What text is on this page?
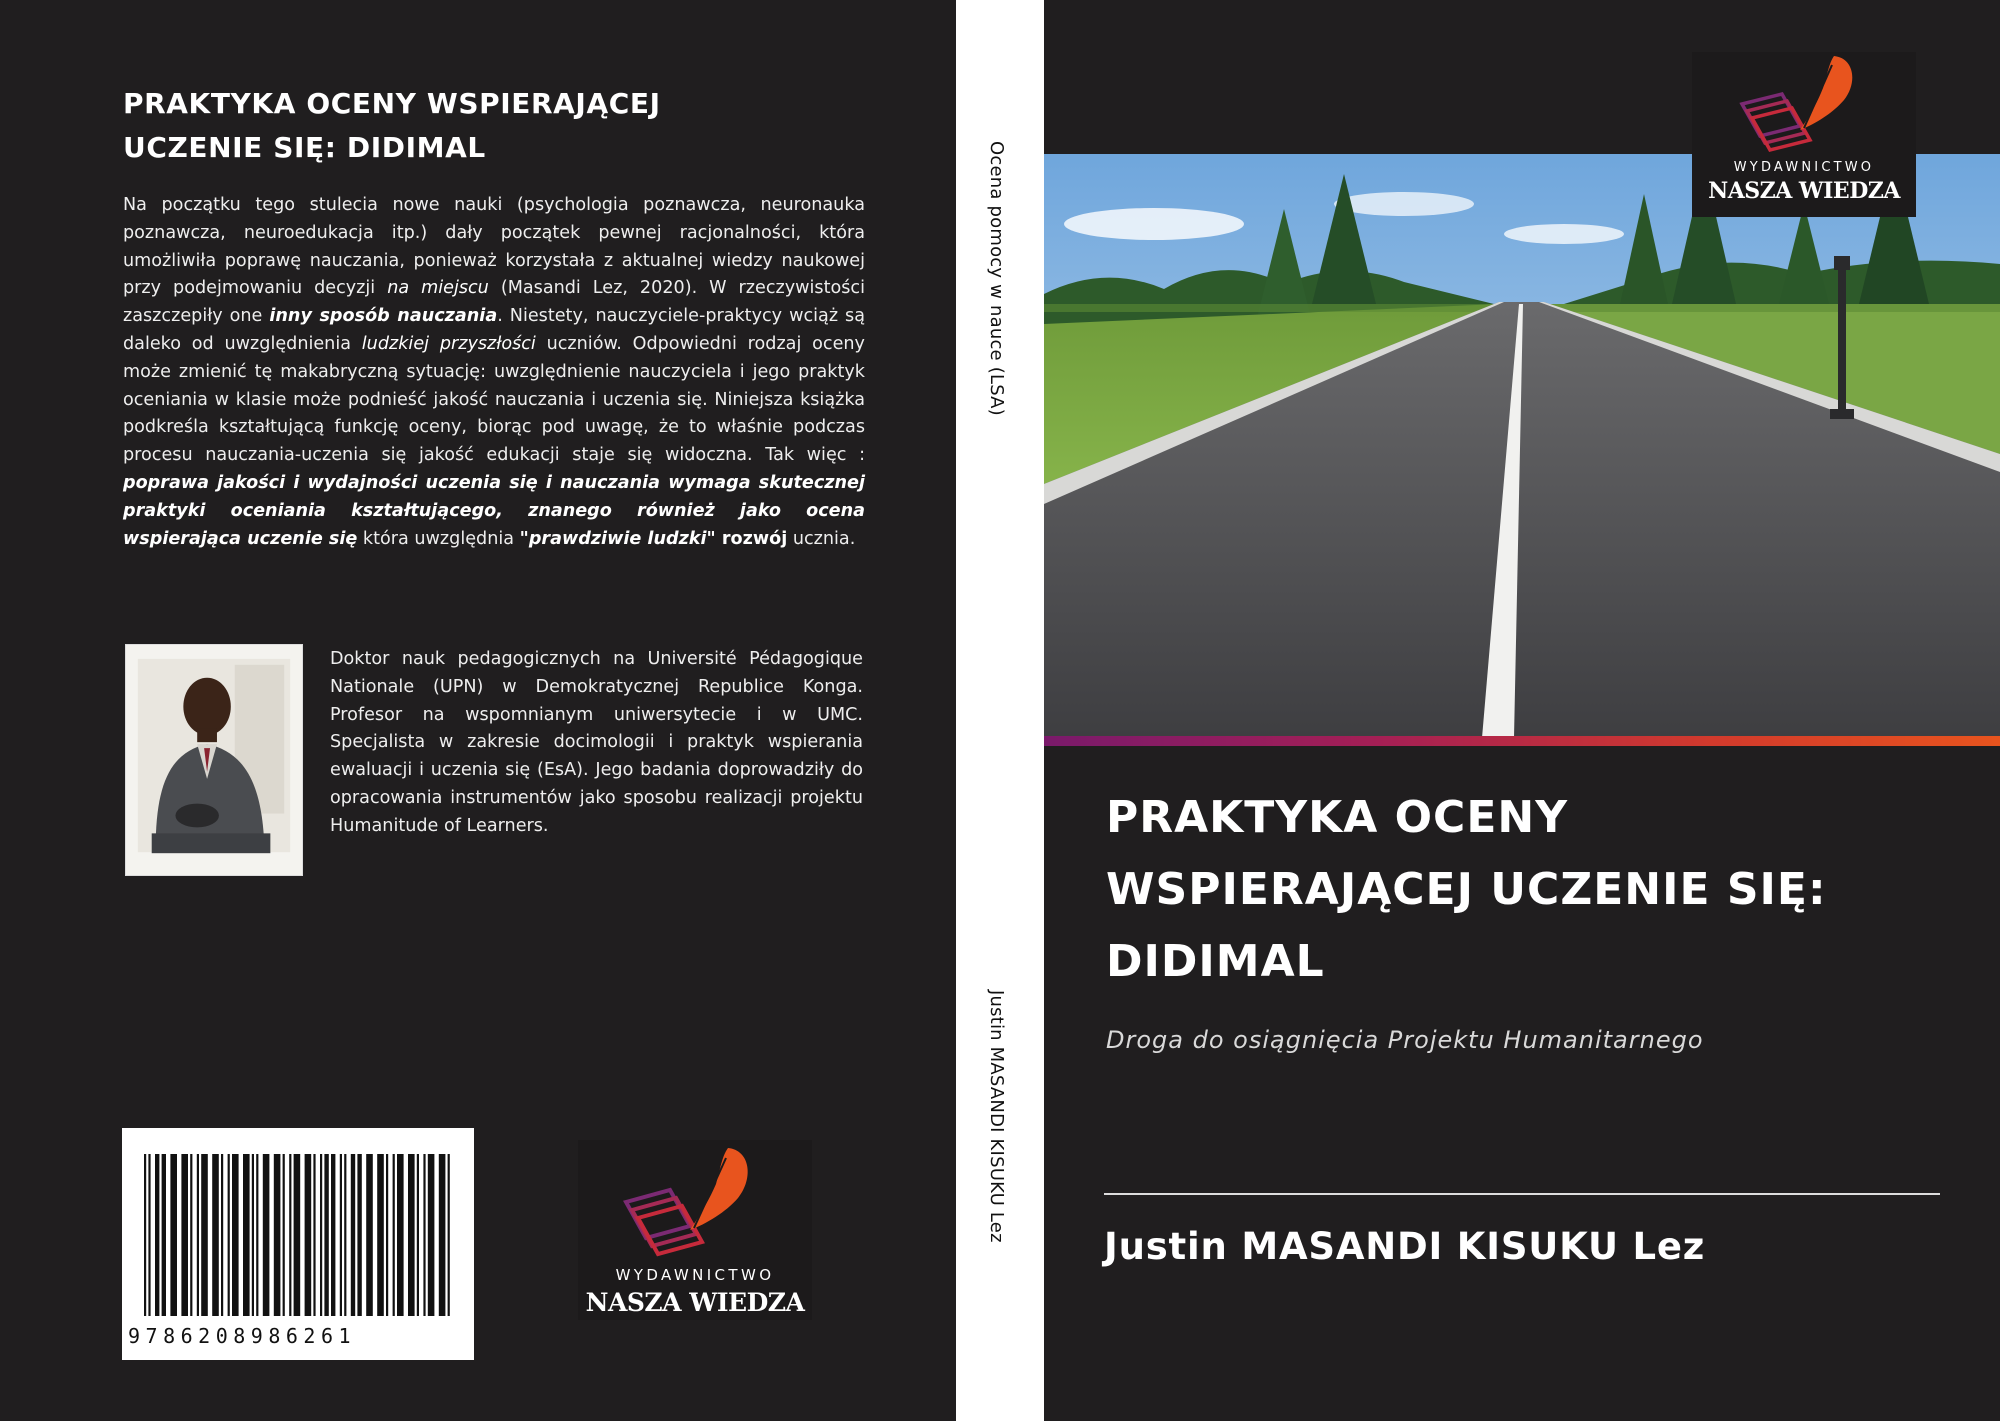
PRAKTYKA OCENY WSPIERAJĄCEJ
UCZENIE SIĘ: DIDIMAL

Na początku tego stulecia nowe nauki (psychologia poznawcza, neuronauka poznawcza, neuroedukacja itp.) dały początek pewnej racjonalności, która umożliwiła poprawę nauczania, ponieważ korzystała z aktualnej wiedzy naukowej przy podejmowaniu decyzji na miejscu (Masandi Lez, 2020). W rzeczywistości zaszczepiły one inny sposób nauczania. Niestety, nauczyciele-praktycy wciąż są daleko od uwzględnienia ludzkiej przyszłości uczniów. Odpowiedni rodzaj oceny może zmienić tę makabryczną sytuację: uwzględnienie nauczyciela i jego praktyk oceniania w klasie może podnieść jakość nauczania i uczenia się. Niniejsza książka podkreśla kształtującą funkcję oceny, biorąc pod uwagę, że to właśnie podczas procesu nauczania-uczenia się jakość edukacji staje się widoczna. Tak więc : poprawa jakości i wydajności uczenia się i nauczania wymaga skutecznej praktyki oceniania kształtującego, znanego również jako ocena wspierająca uczenie się która uwzględnia "prawdziwie ludzki" rozwój ucznia.

Doktor nauk pedagogicznych na Université Pédagogique Nationale (UPN) w Demokratycznej Republice Konga. Profesor na wspomnianym uniwersytecie i w UMC. Specjalista w zakresie docimologii i praktyk wspierania ewaluacji i uczenia się (EsA). Jego badania doprowadziły do opracowania instrumentów jako sposobu realizacji projektu Humanitude of Learners.

9786208986261
WYDAWNICTWO
NASZA WIEDZA
Ocena pomocy w nauce (LSA)
Justin MASANDI KISUKU Lez
WYDAWNICTWO
NASZA WIEDZA
PRAKTYKA OCENY
WSPIERAJĄCEJ UCZENIE SIĘ:
DIDIMAL
Droga do osiągnięcia Projektu Humanitarnego
Justin MASANDI KISUKU Lez
